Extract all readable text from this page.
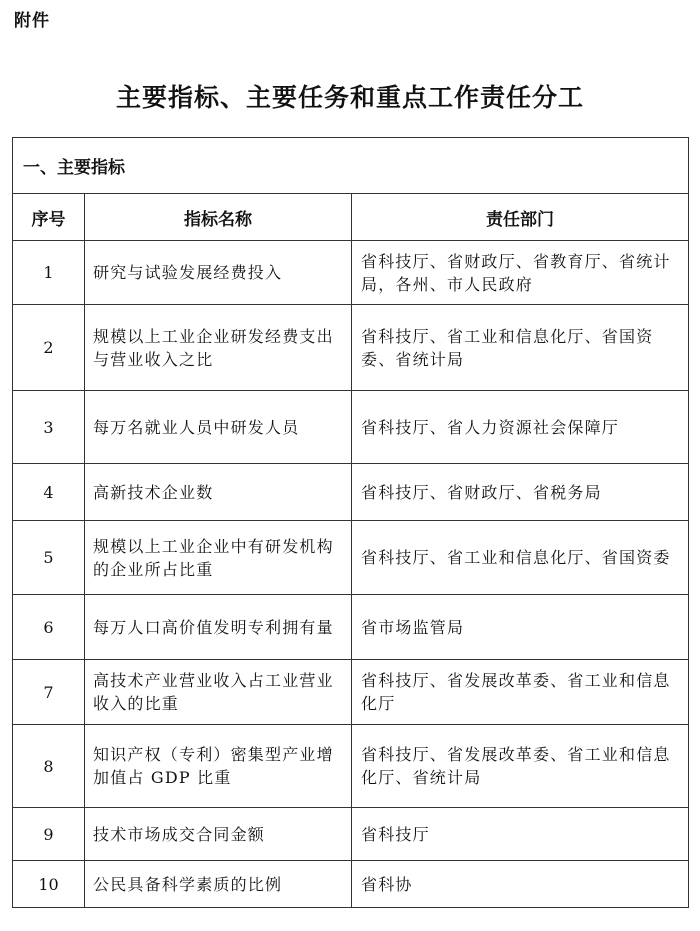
附件
主要指标、主要任务和重点工作责任分工
一、主要指标		
序号	指标名称	责任部门
1	研究与试验发展经费投入	省科技厅、省财政厅、省教育厅、省统计局，各州、市人民政府
2	规模以上工业企业研发经费支出与营业收入之比	省科技厅、省工业和信息化厅、省国资委、省统计局
3	每万名就业人员中研发人员	省科技厅、省人力资源社会保障厅
4	高新技术企业数	省科技厅、省财政厅、省税务局
5	规模以上工业企业中有研发机构的企业所占比重	省科技厅、省工业和信息化厅、省国资委
6	每万人口高价值发明专利拥有量	省市场监管局
7	高技术产业营业收入占工业营业收入的比重	省科技厅、省发展改革委、省工业和信息化厅
8	知识产权（专利）密集型产业增加值占 GDP 比重	省科技厅、省发展改革委、省工业和信息化厅、省统计局
9	技术市场成交合同金额	省科技厅
10	公民具备科学素质的比例	省科协
